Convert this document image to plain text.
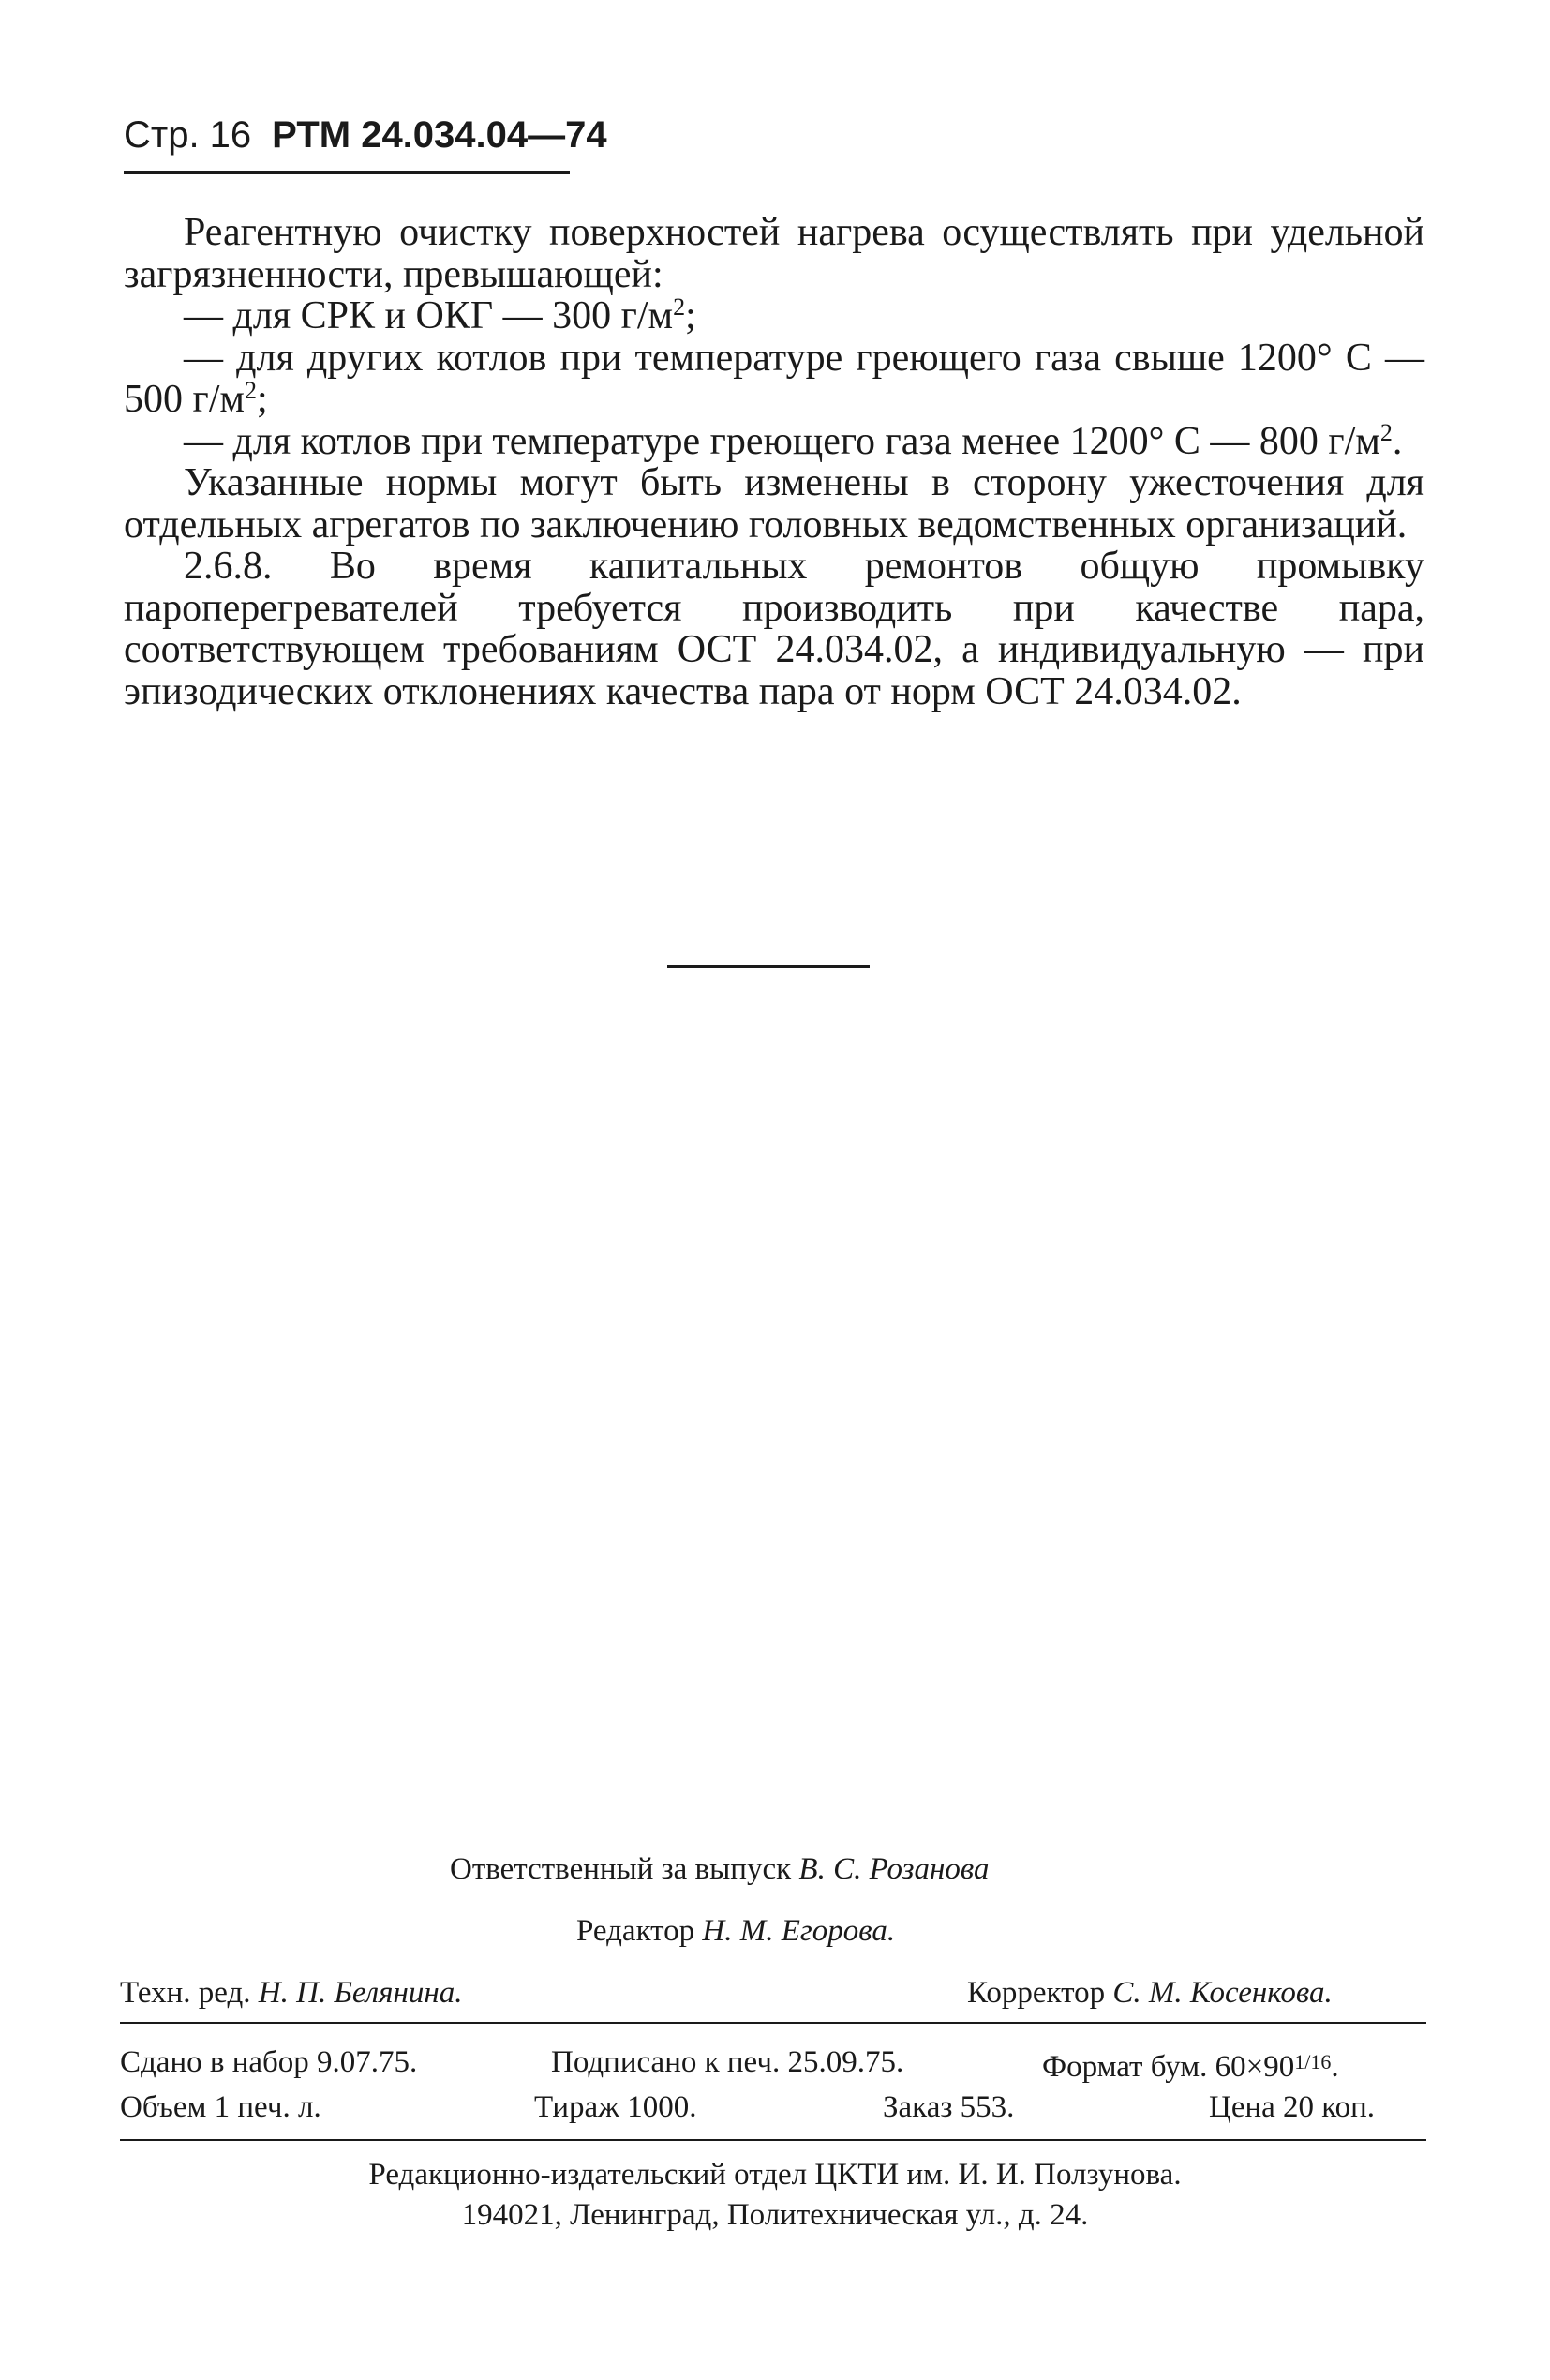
Стр. 16 РТМ 24.034.04—74

Реагентную очистку поверхностей нагрева осуществлять при удельной загрязненности, превышающей:

— для СРК и ОКГ — 300 $г/м^2$;

— для других котлов при температуре греющего газа свыше 1200° С — 500 $г/м^2$;

— для котлов при температуре греющего газа менее 1200° С — 800 $г/м^2$.

Указанные нормы могут быть изменены в сторону ужесточения для отдельных агрегатов по заключению головных ведомственных организаций.

2.6.8. Во время капитальных ремонтов общую промывку пароперегревателей требуется производить при качестве пара, соответствующем требованиям ОСТ 24.034.02, а индивидуальную — при эпизодических отклонениях качества пара от норм ОСТ 24.034.02.

Ответственный за выпуск В. С. Розанова
Редактор Н. М. Егорова.
Техн. ред. Н. П. Белянина.	Корректор С. М. Косенкова.
Сдано в набор 9.07.75.	Подписано к печ. 25.09.75.	Формат бум. $60\times 90^{1/16}$.
Объем 1 печ. л.	Тираж 1000.	Заказ 553.	Цена 20 коп.
Редакционно-издательский отдел ЦКТИ им. И. И. Ползунова.
194021, Ленинград, Политехническая ул., д. 24.
